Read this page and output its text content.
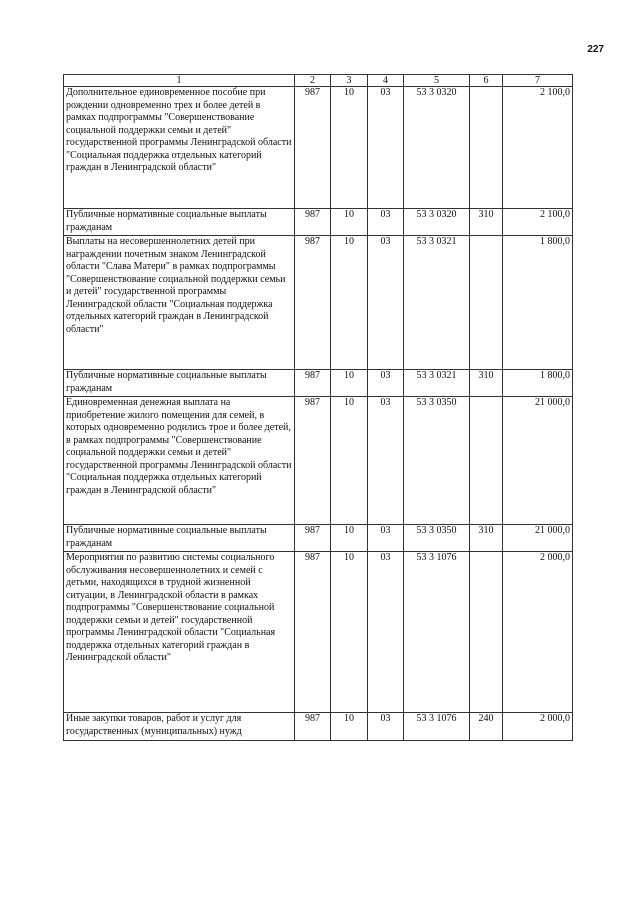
227
1	2	3	4	5	6	7
Дополнительное единовременное пособие при рождении одновременно трех и более детей в рамках подпрограммы "Совершенствование социальной поддержки семьи и детей" государственной программы Ленинградской области "Социальная поддержка отдельных категорий граждан в Ленинградской области"	987	10	03	53 3 0320		2 100,0
Публичные нормативные социальные выплаты гражданам	987	10	03	53 3 0320	310	2 100,0
Выплаты на несовершеннолетних детей при награждении почетным знаком Ленинградской области "Слава Матери" в рамках подпрограммы "Совершенствование социальной поддержки семьи и детей" государственной программы Ленинградской области "Социальная поддержка отдельных категорий граждан в Ленинградской области"	987	10	03	53 3 0321		1 800,0
Публичные нормативные социальные выплаты гражданам	987	10	03	53 3 0321	310	1 800,0
Единовременная денежная выплата на приобретение жилого помещения для семей, в которых одновременно родились трое и более детей, в рамках подпрограммы "Совершенствование социальной поддержки семьи и детей" государственной программы Ленинградской области "Социальная поддержка отдельных категорий граждан в Ленинградской области"	987	10	03	53 3 0350		21 000,0
Публичные нормативные социальные выплаты гражданам	987	10	03	53 3 0350	310	21 000,0
Мероприятия по развитию системы социального обслуживания несовершеннолетних и семей с детьми, находящихся в трудной жизненной ситуации, в Ленинградской области в рамках подпрограммы "Совершенствование социальной поддержки семьи и детей" государственной программы Ленинградской области "Социальная поддержка отдельных категорий граждан в Ленинградской области"	987	10	03	53 3 1076		2 000,0
Иные закупки товаров, работ и услуг для государственных (муниципальных) нужд	987	10	03	53 3 1076	240	2 000,0
